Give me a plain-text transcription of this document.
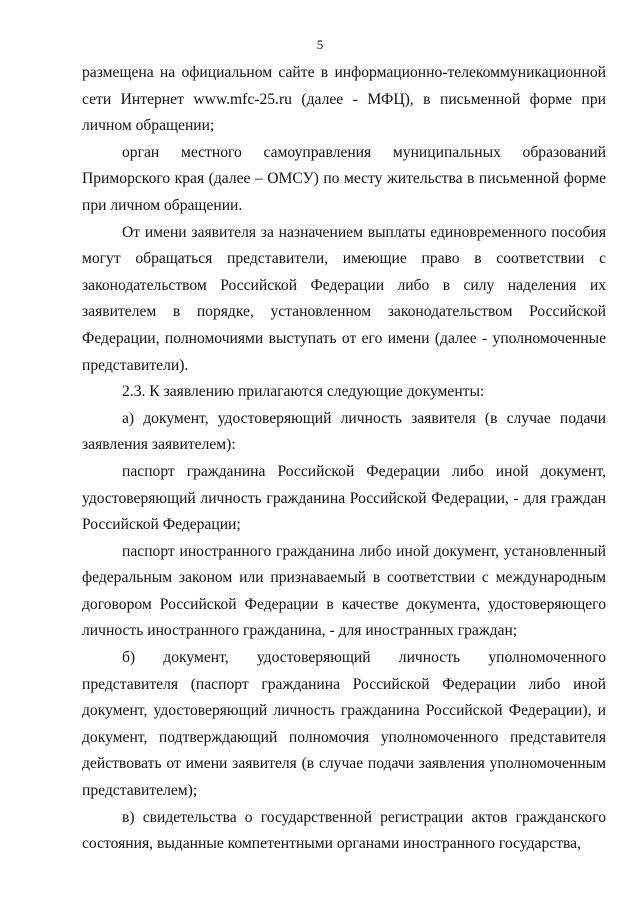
5

размещена на официальном сайте в информационно-телекоммуникационной сети Интернет www.mfc-25.ru (далее - МФЦ), в письменной форме при личном обращении;

орган местного самоуправления муниципальных образований Приморского края (далее – ОМСУ) по месту жительства в письменной форме при личном обращении.

От имени заявителя за назначением выплаты единовременного пособия могут обращаться представители, имеющие право в соответствии с законодательством Российской Федерации либо в силу наделения их заявителем в порядке, установленном законодательством Российской Федерации, полномочиями выступать от его имени (далее - уполномоченные представители).

2.3. К заявлению прилагаются следующие документы:

а) документ, удостоверяющий личность заявителя (в случае подачи заявления заявителем):

паспорт гражданина Российской Федерации либо иной документ, удостоверяющий личность гражданина Российской Федерации, - для граждан Российской Федерации;

паспорт иностранного гражданина либо иной документ, установленный федеральным законом или признаваемый в соответствии с международным договором Российской Федерации в качестве документа, удостоверяющего личность иностранного гражданина, - для иностранных граждан;

б) документ, удостоверяющий личность уполномоченного представителя (паспорт гражданина Российской Федерации либо иной документ, удостоверяющий личность гражданина Российской Федерации), и документ, подтверждающий полномочия уполномоченного представителя действовать от имени заявителя (в случае подачи заявления уполномоченным представителем);

в) свидетельства о государственной регистрации актов гражданского состояния, выданные компетентными органами иностранного государства,
